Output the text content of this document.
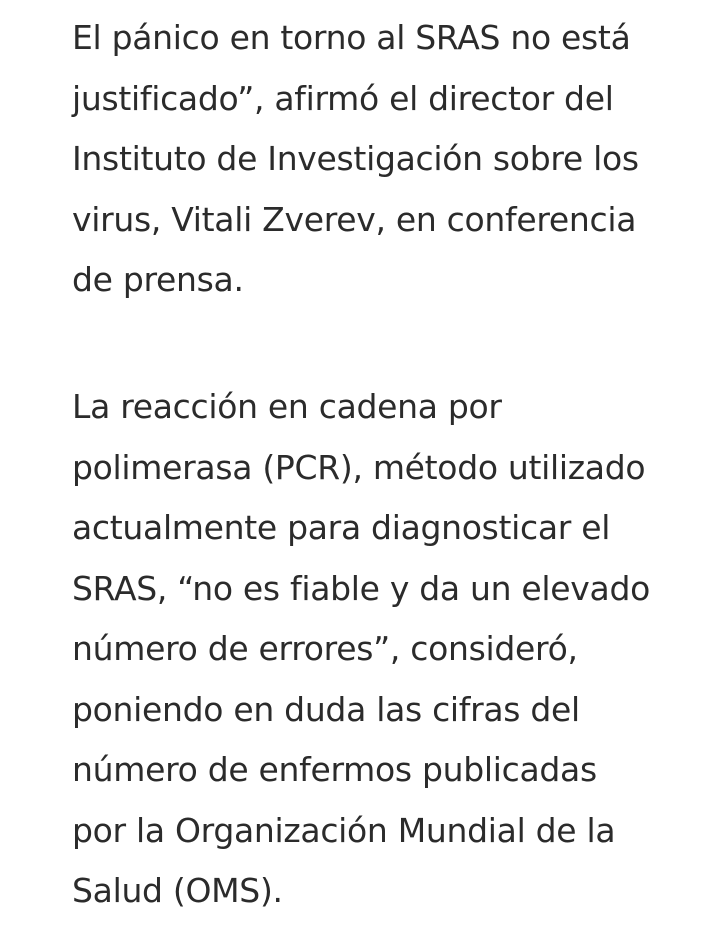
El pánico en torno al SRAS no está
justificado”, afirmó el director del
Instituto de Investigación sobre los
virus, Vitali Zverev, en conferencia
de prensa.
La reacción en cadena por
polimerasa (PCR), método utilizado
actualmente para diagnosticar el
SRAS, “no es fiable y da un elevado
número de errores”, consideró,
poniendo en duda las cifras del
número de enfermos publicadas
por la Organización Mundial de la
Salud (OMS).
